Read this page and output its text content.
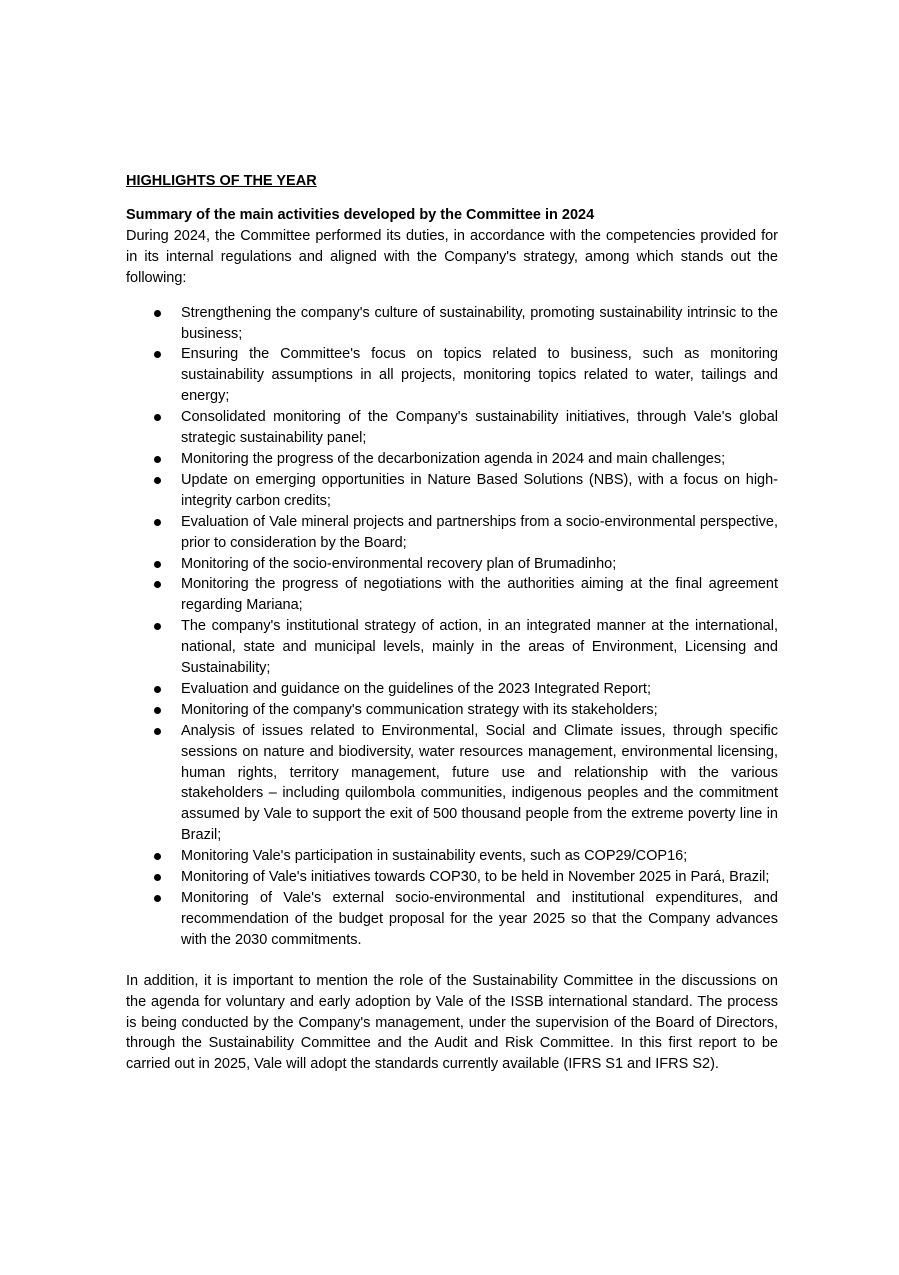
HIGHLIGHTS OF THE YEAR

Summary of the main activities developed by the Committee in 2024

During 2024, the Committee performed its duties, in accordance with the competencies provided for in its internal regulations and aligned with the Company's strategy, among which stands out the following:

Strengthening the company's culture of sustainability, promoting sustainability intrinsic to the business;
Ensuring the Committee's focus on topics related to business, such as monitoring sustainability assumptions in all projects, monitoring topics related to water, tailings and energy;
Consolidated monitoring of the Company's sustainability initiatives, through Vale's global strategic sustainability panel;
Monitoring the progress of the decarbonization agenda in 2024 and main challenges;
Update on emerging opportunities in Nature Based Solutions (NBS), with a focus on high-integrity carbon credits;
Evaluation of Vale mineral projects and partnerships from a socio-environmental perspective, prior to consideration by the Board;
Monitoring of the socio-environmental recovery plan of Brumadinho;
Monitoring the progress of negotiations with the authorities aiming at the final agreement regarding Mariana;
The company's institutional strategy of action, in an integrated manner at the international, national, state and municipal levels, mainly in the areas of Environment, Licensing and Sustainability;
Evaluation and guidance on the guidelines of the 2023 Integrated Report;
Monitoring of the company's communication strategy with its stakeholders;
Analysis of issues related to Environmental, Social and Climate issues, through specific sessions on nature and biodiversity, water resources management, environmental licensing, human rights, territory management, future use and relationship with the various stakeholders – including quilombola communities, indigenous peoples and the commitment assumed by Vale to support the exit of 500 thousand people from the extreme poverty line in Brazil;
Monitoring Vale's participation in sustainability events, such as COP29/COP16;
Monitoring of Vale's initiatives towards COP30, to be held in November 2025 in Pará, Brazil;
Monitoring of Vale's external socio-environmental and institutional expenditures, and recommendation of the budget proposal for the year 2025 so that the Company advances with the 2030 commitments.

In addition, it is important to mention the role of the Sustainability Committee in the discussions on the agenda for voluntary and early adoption by Vale of the ISSB international standard. The process is being conducted by the Company's management, under the supervision of the Board of Directors, through the Sustainability Committee and the Audit and Risk Committee. In this first report to be carried out in 2025, Vale will adopt the standards currently available (IFRS S1 and IFRS S2).
